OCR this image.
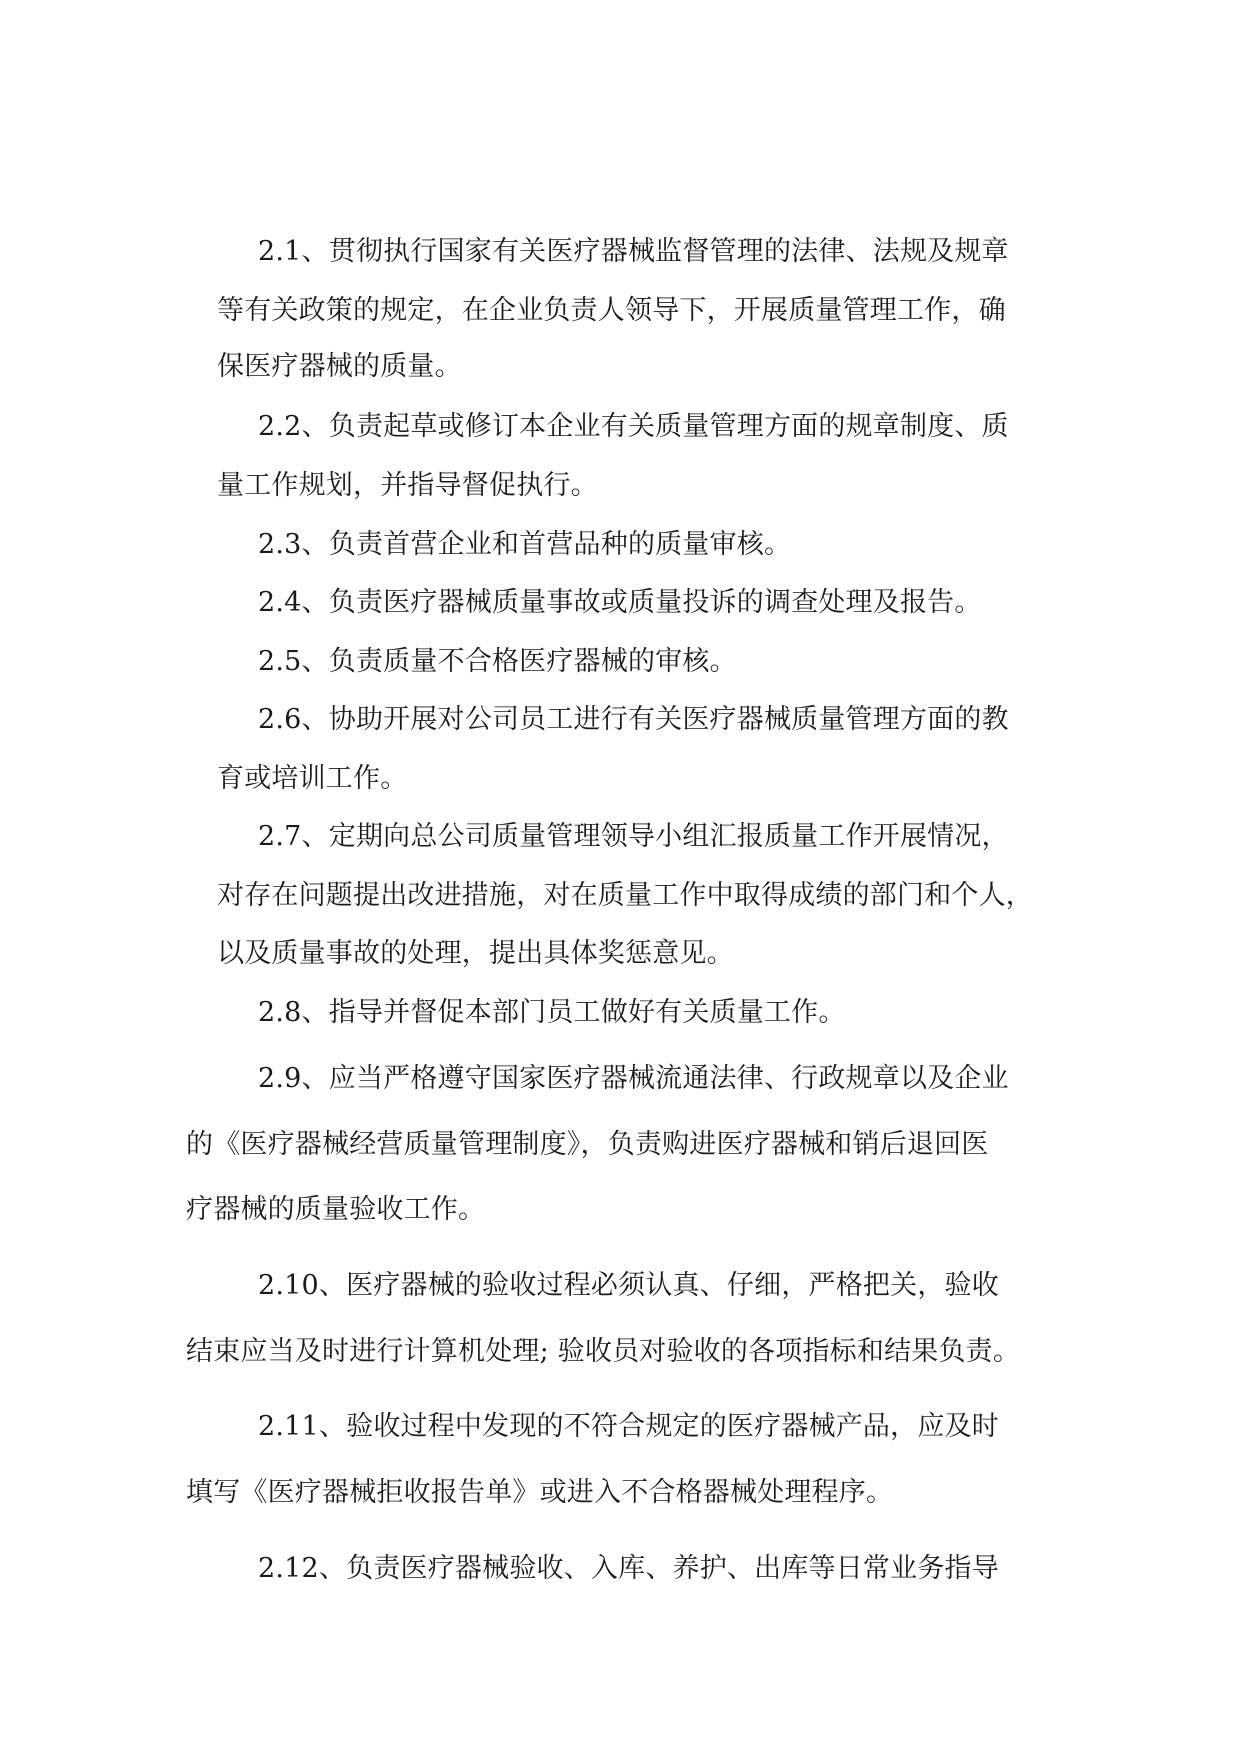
2.1、贯彻执行国家有关医疗器械监督管理的法律、法规及规章
等有关政策的规定，在企业负责人领导下，开展质量管理工作，确
保医疗器械的质量。
2.2、负责起草或修订本企业有关质量管理方面的规章制度、质
量工作规划，并指导督促执行。
2.3、负责首营企业和首营品种的质量审核。
2.4、负责医疗器械质量事故或质量投诉的调查处理及报告。
2.5、负责质量不合格医疗器械的审核。
2.6、协助开展对公司员工进行有关医疗器械质量管理方面的教
育或培训工作。
2.7、定期向总公司质量管理领导小组汇报质量工作开展情况，
对存在问题提出改进措施，对在质量工作中取得成绩的部门和个人，
以及质量事故的处理，提出具体奖惩意见。
2.8、指导并督促本部门员工做好有关质量工作。
2.9、应当严格遵守国家医疗器械流通法律、行政规章以及企业
的《医疗器械经营质量管理制度》，负责购进医疗器械和销后退回医
疗器械的质量验收工作。
2.10、医疗器械的验收过程必须认真、仔细，严格把关，验收
结束应当及时进行计算机处理; 验收员对验收的各项指标和结果负责。
2.11、验收过程中发现的不符合规定的医疗器械产品，应及时
填写《医疗器械拒收报告单》或进入不合格器械处理程序。
2.12、负责医疗器械验收、入库、养护、出库等日常业务指导
